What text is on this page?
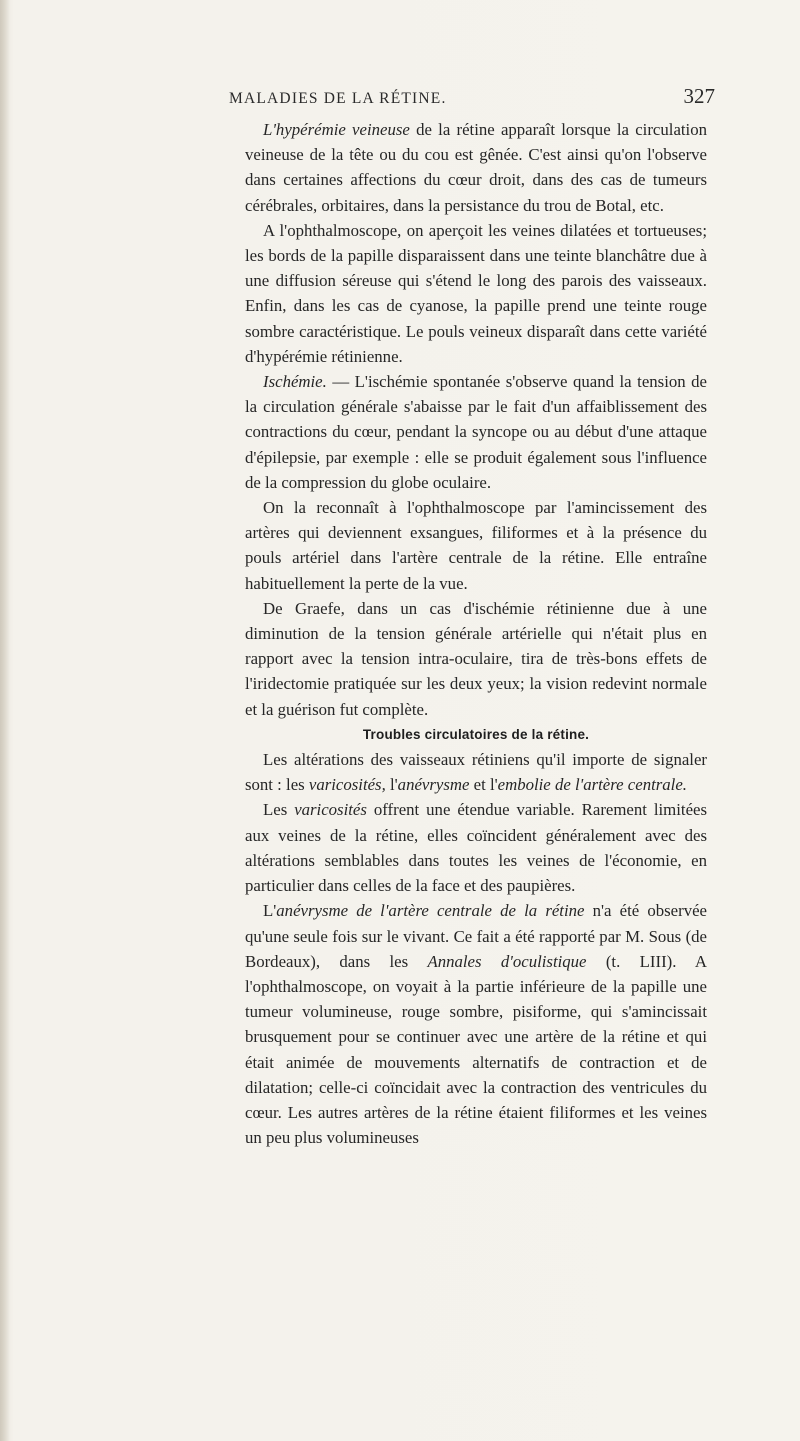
MALADIES DE LA RÉTINE.	327

L'hypérémie veineuse de la rétine apparaît lorsque la circulation veineuse de la tête ou du cou est gênée. C'est ainsi qu'on l'observe dans certaines affections du cœur droit, dans des cas de tumeurs cérébrales, orbitaires, dans la persistance du trou de Botal, etc.

A l'ophthalmoscope, on aperçoit les veines dilatées et tortueuses; les bords de la papille disparaissent dans une teinte blanchâtre due à une diffusion séreuse qui s'étend le long des parois des vaisseaux. Enfin, dans les cas de cyanose, la papille prend une teinte rouge sombre caractéristique. Le pouls veineux disparaît dans cette variété d'hypérémie rétinienne.

Ischémie. — L'ischémie spontanée s'observe quand la tension de la circulation générale s'abaisse par le fait d'un affaiblissement des contractions du cœur, pendant la syncope ou au début d'une attaque d'épilepsie, par exemple : elle se produit également sous l'influence de la compression du globe oculaire.

On la reconnaît à l'ophthalmoscope par l'amincissement des artères qui deviennent exsangues, filiformes et à la présence du pouls artériel dans l'artère centrale de la rétine. Elle entraîne habituellement la perte de la vue.

De Graefe, dans un cas d'ischémie rétinienne due à une diminution de la tension générale artérielle qui n'était plus en rapport avec la tension intra-oculaire, tira de très-bons effets de l'iridectomie pratiquée sur les deux yeux; la vision redevint normale et la guérison fut complète.

Troubles circulatoires de la rétine.

Les altérations des vaisseaux rétiniens qu'il importe de signaler sont : les varicosités, l'anévrysme et l'embolie de l'artère centrale.

Les varicosités offrent une étendue variable. Rarement limitées aux veines de la rétine, elles coïncident généralement avec des altérations semblables dans toutes les veines de l'économie, en particulier dans celles de la face et des paupières.

L'anévrysme de l'artère centrale de la rétine n'a été observée qu'une seule fois sur le vivant. Ce fait a été rapporté par M. Sous (de Bordeaux), dans les Annales d'oculistique (t. LIII). A l'ophthalmoscope, on voyait à la partie inférieure de la papille une tumeur volumineuse, rouge sombre, pisiforme, qui s'amincissait brusquement pour se continuer avec une artère de la rétine et qui était animée de mouvements alternatifs de contraction et de dilatation; celle-ci coïncidait avec la contraction des ventricules du cœur. Les autres artères de la rétine étaient filiformes et les veines un peu plus volumineuses
